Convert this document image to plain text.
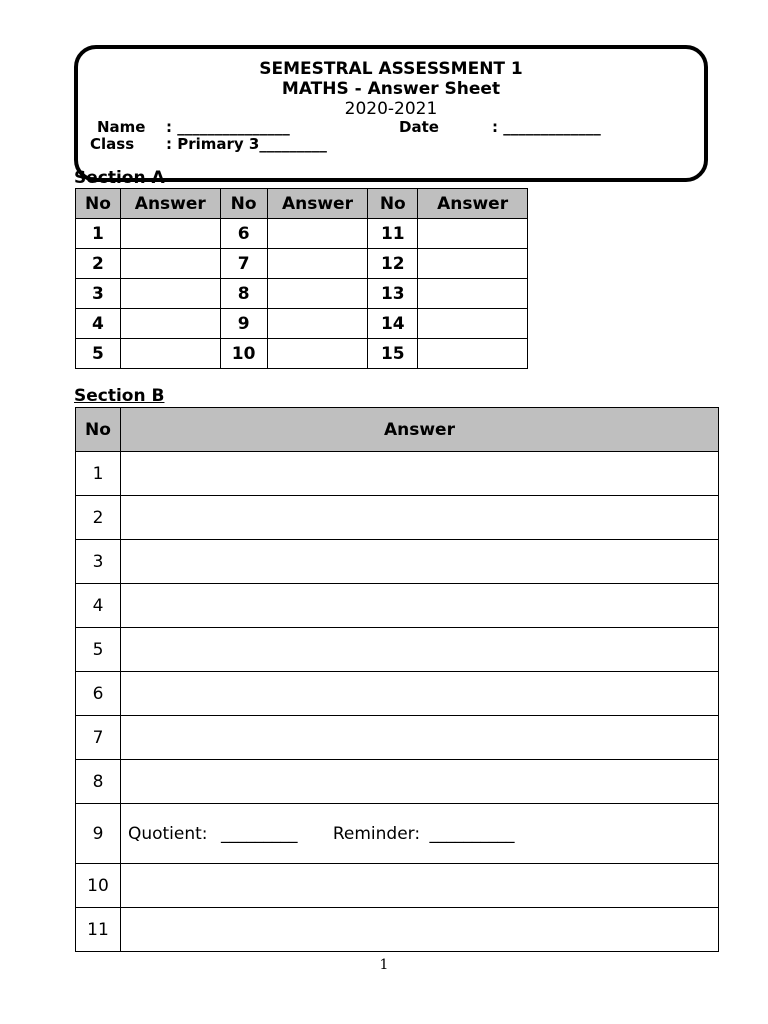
SEMESTRAL ASSESSMENT 1
MATHS - Answer Sheet
2020-2021
Name : _______________	Date	: _____________
Class : Primary 3_________
Section A
No	Answer	No	Answer	No	Answer
1		6		11	
2		7		12	
3		8		13	
4		9		14	
5		10		15	
Section B
No	Answer
1	
2	
3	
4	
5	
6	
7	
8	
9	Quotient: _________ Reminder: __________
10	
11	
1
